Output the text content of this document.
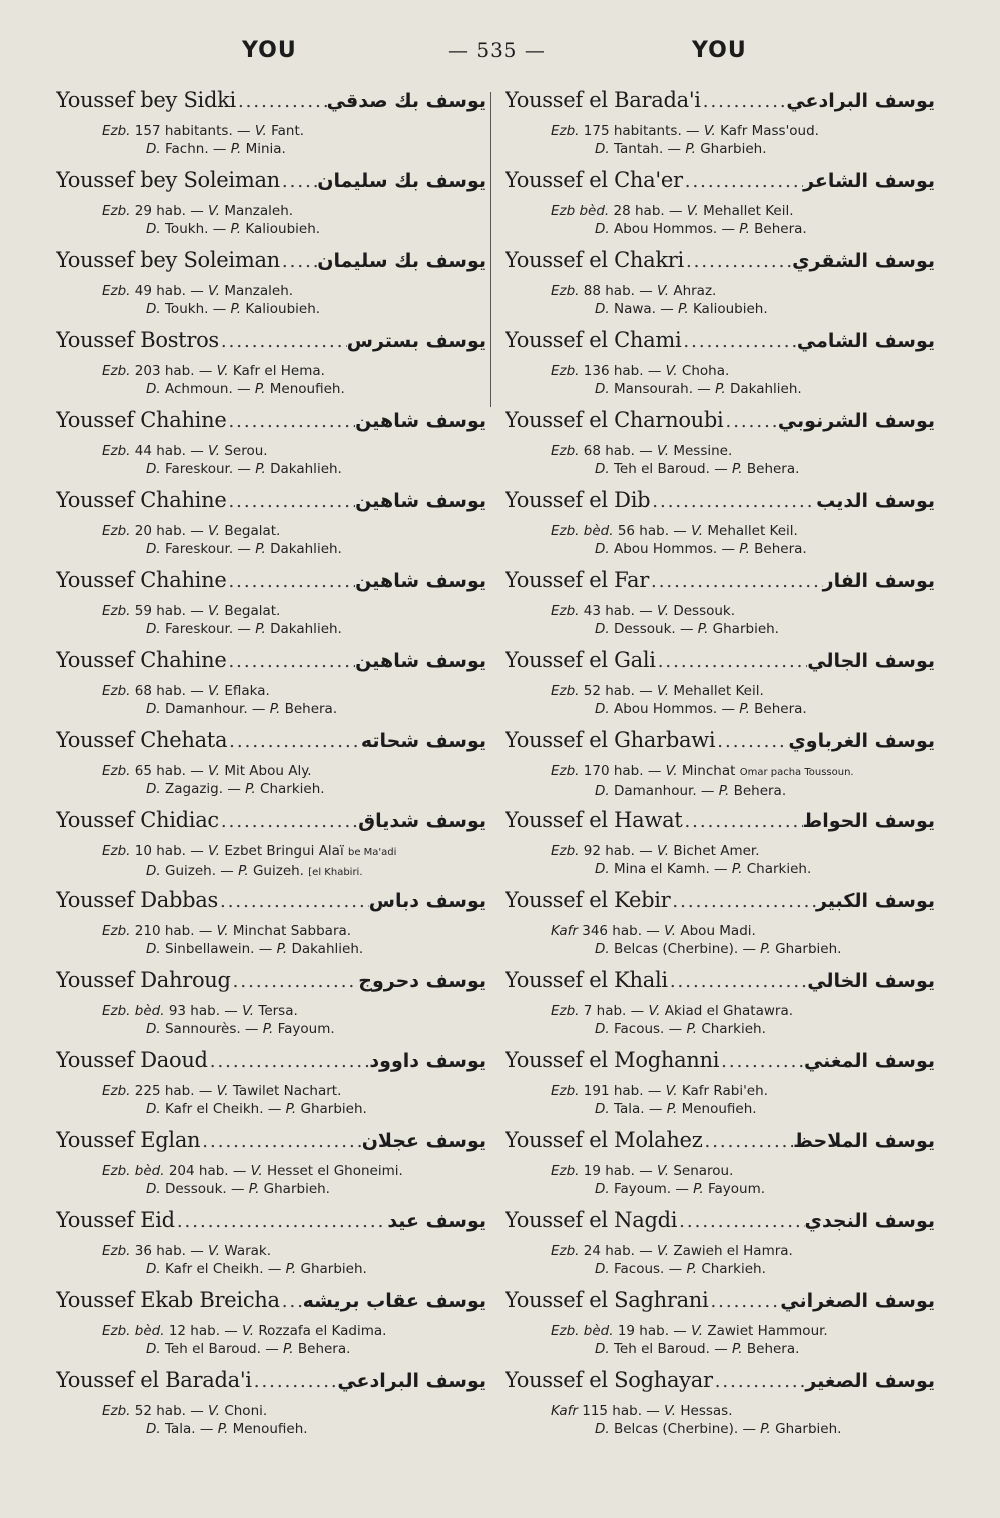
YOU	— 535 —	YOU
Youssef bey Sidki .....	يوسف بك صدقي
Ezb. 157 habitants. — V. Fant.
D. Fachn. — P. Minia.
Youssef bey Soleiman ..... يوسف بك سليمان
Ezb. 29 hab. — V. Manzaleh.
D. Toukh. — P. Kalioubieh.
Youssef bey Soleiman ..... يوسف بك سليمان
Ezb. 49 hab. — V. Manzaleh.
D. Toukh. — P. Kalioubieh.
Youssef Bostros .....	يوسف بسترس
Ezb. 203 hab. — V. Kafr el Hema.
D. Achmoun. — P. Menoufieh.
Youssef Chahine .....	يوسف شاهين
Ezb. 44 hab. — V. Serou.
D. Fareskour. — P. Dakahlieh.
Youssef Chahine .....	يوسف شاهين
Ezb. 20 hab. — V. Begalat.
D. Fareskour. — P. Dakahlieh.
Youssef Chahine .....	يوسف شاهين
Ezb. 59 hab. — V. Begalat.
D. Fareskour. — P. Dakahlieh.
Youssef Chahine .....	يوسف شاهين
Ezb. 68 hab. — V. Eflaka.
D. Damanhour. — P. Behera.
Youssef Chehata .....	يوسف شحاته
Ezb. 65 hab. — V. Mit Abou Aly.
D. Zagazig. — P. Charkieh.
Youssef Chidiac .....	يوسف شدياق
Ezb. 10 hab. — V. Ezbet Bringui Alaï be Ma'adi
D. Guizeh. — P. Guizeh. [el Khabiri.
Youssef Dabbas .....	يوسف دباس
Ezb. 210 hab. — V. Minchat Sabbara.
D. Sinbellawein. — P. Dakahlieh.
Youssef Dahroug .....	يوسف دحروج
Ezb. bèd. 93 hab. — V. Tersa.
D. Sannourès. — P. Fayoum.
Youssef Daoud .....	يوسف داوود
Ezb. 225 hab. — V. Tawilet Nachart.
D. Kafr el Cheikh. — P. Gharbieh.
Youssef Eglan .....	يوسف عجلان
Ezb. bèd. 204 hab. — V. Hesset el Ghoneimi.
D. Dessouk. — P. Gharbieh.
Youssef Eid .....	يوسف عيد
Ezb. 36 hab. — V. Warak.
D. Kafr el Cheikh. — P. Gharbieh.
Youssef Ekab Breicha ..... يوسف عقاب بريشه
Ezb. bèd. 12 hab. — V. Rozzafa el Kadima.
D. Teh el Baroud. — P. Behera.
Youssef el Barada'i .....	يوسف البرادعي
Ezb. 52 hab. — V. Choni.
D. Tala. — P. Menoufieh.
Youssef el Barada'i .....	يوسف البرادعي
Ezb. 175 habitants. — V. Kafr Mass'oud.
D. Tantah. — P. Gharbieh.
Youssef el Cha'er .....	يوسف الشاعر
Ezb bèd. 28 hab. — V. Mehallet Keil.
D. Abou Hommos. — P. Behera.
Youssef el Chakri .....	يوسف الشقري
Ezb. 88 hab. — V. Ahraz.
D. Nawa. — P. Kalioubieh.
Youssef el Chami .....	يوسف الشامي
Ezb. 136 hab. — V. Choha.
D. Mansourah. — P. Dakahlieh.
Youssef el Charnoubi .....	يوسف الشرنوبي
Ezb. 68 hab. — V. Messine.
D. Teh el Baroud. — P. Behera.
Youssef el Dib .....	يوسف الديب
Ezb. bèd. 56 hab. — V. Mehallet Keil.
D. Abou Hommos. — P. Behera.
Youssef el Far .....	يوسف الفار
Ezb. 43 hab. — V. Dessouk.
D. Dessouk. — P. Gharbieh.
Youssef el Gali .....	يوسف الجالي
Ezb. 52 hab. — V. Mehallet Keil.
D. Abou Hommos. — P. Behera.
Youssef el Gharbawi .....	يوسف الغرباوي
Ezb. 170 hab. — V. Minchat Omar pacha Toussoun.
D. Damanhour. — P. Behera.
Youssef el Hawat .....	يوسف الحواط
Ezb. 92 hab. — V. Bichet Amer.
D. Mina el Kamh. — P. Charkieh.
Youssef el Kebir .....	يوسف الكبير
Kafr 346 hab. — V. Abou Madi.
D. Belcas (Cherbine). — P. Gharbieh.
Youssef el Khali .....	يوسف الخالي
Ezb. 7 hab. — V. Akiad el Ghatawra.
D. Facous. — P. Charkieh.
Youssef el Moghanni .....	يوسف المغني
Ezb. 191 hab. — V. Kafr Rabi'eh.
D. Tala. — P. Menoufieh.
Youssef el Molahez .....	يوسف الملاحظ
Ezb. 19 hab. — V. Senarou.
D. Fayoum. — P. Fayoum.
Youssef el Nagdi .....	يوسف النجدي
Ezb. 24 hab. — V. Zawieh el Hamra.
D. Facous. — P. Charkieh.
Youssef el Saghrani .....	يوسف الصغراني
Ezb. bèd. 19 hab. — V. Zawiet Hammour.
D. Teh el Baroud. — P. Behera.
Youssef el Soghayar .....	يوسف الصغير
Kafr 115 hab. — V. Hessas.
D. Belcas (Cherbine). — P. Gharbieh.
